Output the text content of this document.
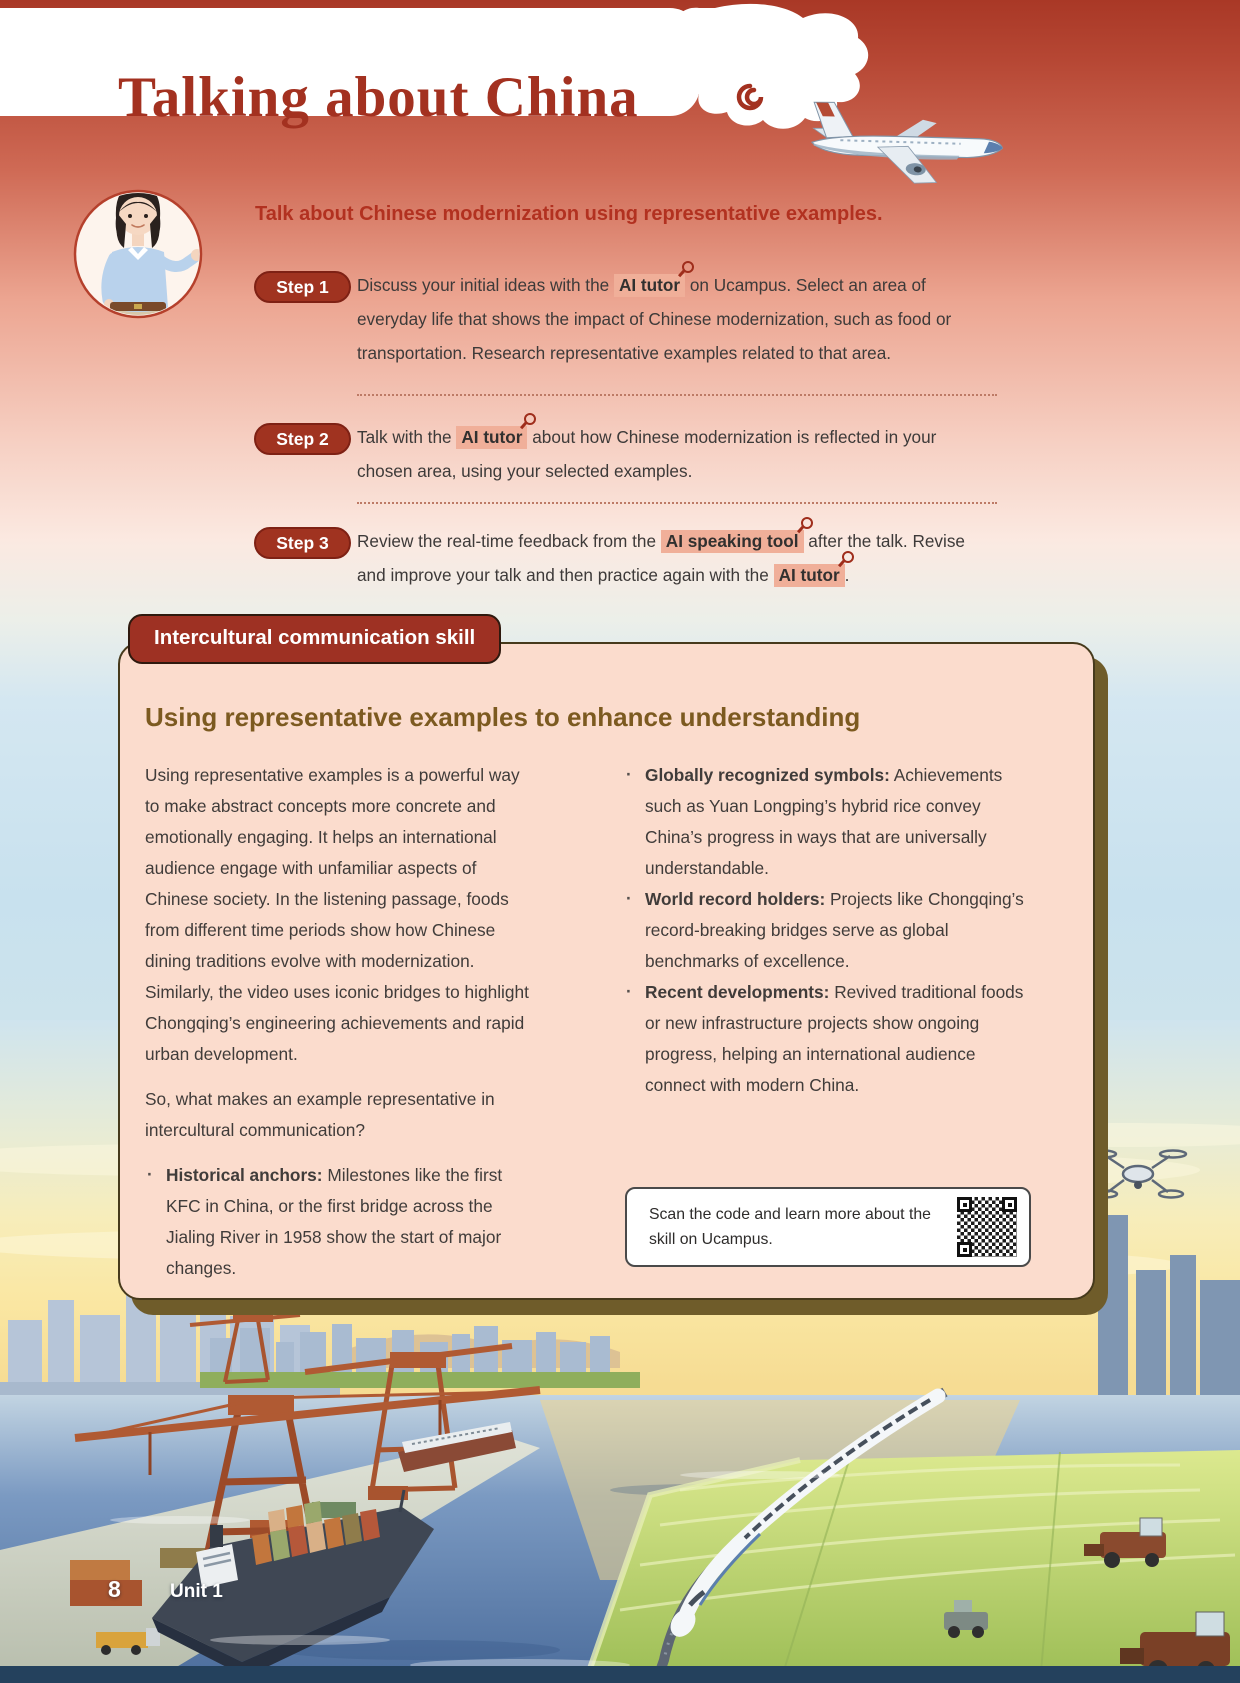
Talking about China
Talk about Chinese modernization using representative examples.
Step 1	Discuss your initial ideas with the AI tutor
on Ucampus. Select an area of everyday life that shows the impact of Chinese modernization, such as food or transportation. Research representative examples related to that area.
Step 2	Talk with the AI tutor
about how Chinese modernization is reflected in your chosen area, using your selected examples.
Step 3	Review the real-time feedback from the AI speaking tool
after the talk. Revise and improve your talk and then practice again with the AI tutor .
Intercultural communication skill
Using representative examples to enhance understanding

Using representative examples is a powerful way to make abstract concepts more concrete and emotionally engaging. It helps an international audience engage with unfamiliar aspects of Chinese society. In the listening passage, foods from different time periods show how Chinese dining traditions evolve with modernization. Similarly, the video uses iconic bridges to highlight Chongqing’s engineering achievements and rapid urban development.

So, what makes an example representative in intercultural communication?

· Historical anchors: Milestones like the first KFC in China, or the first bridge across the Jialing River in 1958 show the start of major changes.
· Globally recognized symbols: Achievements such as Yuan Longping’s hybrid rice convey China’s progress in ways that are universally understandable.
· World record holders: Projects like Chongqing’s record-breaking bridges serve as global benchmarks of excellence.
· Recent developments: Revived traditional foods or new infrastructure projects show ongoing progress, helping an international audience connect with modern China.
Scan the code and learn more about the skill on Ucampus.
8	Unit 1
